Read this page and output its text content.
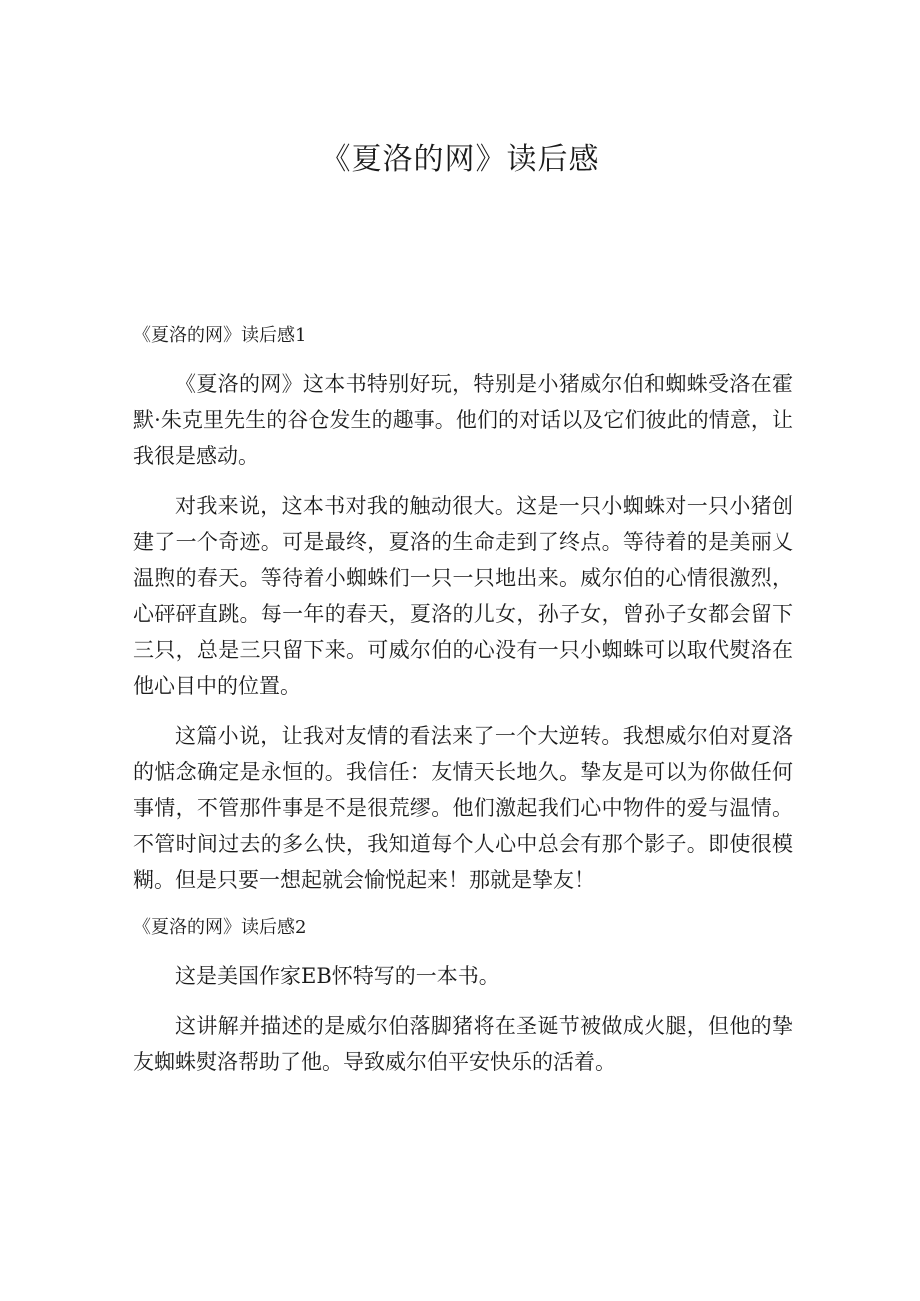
《夏洛的网》读后感
《夏洛的网》读后感1

《夏洛的网》这本书特别好玩，特别是小猪威尔伯和蜘蛛受洛在霍默·朱克里先生的谷仓发生的趣事。他们的对话以及它们彼此的情意，让我很是感动。

对我来说，这本书对我的触动很大。这是一只小蜘蛛对一只小猪创建了一个奇迹。可是最终，夏洛的生命走到了终点。等待着的是美丽乂温煦的春天。等待着小蜘蛛们一只一只地出来。威尔伯的心情很激烈，心砰砰直跳。每一年的春天，夏洛的儿女，孙子女，曾孙子女都会留下三只，总是三只留下来。可威尔伯的心没有一只小蜘蛛可以取代熨洛在他心目中的位置。

这篇小说，让我对友情的看法来了一个大逆转。我想威尔伯对夏洛的惦念确定是永恒的。我信任：友情天长地久。挚友是可以为你做任何事情，不管那件事是不是很荒缪。他们激起我们心中物件的爱与温情。不管时间过去的多么快，我知道每个人心中总会有那个影子。即使很模糊。但是只要一想起就会愉悦起来！那就是挚友！

《夏洛的网》读后感2

这是美国作家EB怀特写的一本书。

这讲解并描述的是威尔伯落脚猪将在圣诞节被做成火腿，但他的挚友蜘蛛熨洛帮助了他。导致威尔伯平安快乐的活着。
